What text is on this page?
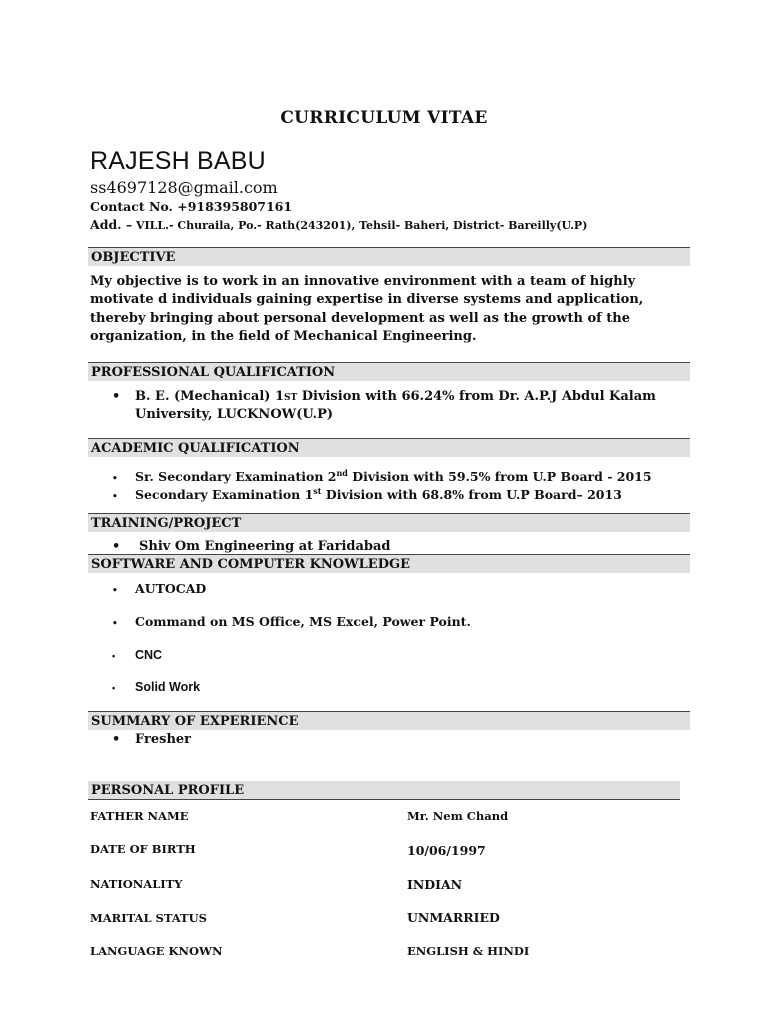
CURRICULUM VITAE
RAJESH BABU
ss4697128@gmail.com
Contact No. +918395807161
Add. – VILL.- Churaila, Po.- Rath(243201), Tehsil- Baheri, District- Bareilly(U.P)
OBJECTIVE
My objective is to work in an innovative environment with a team of highly motivate d individuals gaining expertise in diverse systems and application, thereby bringing about personal development as well as the growth of the organization, in the field of Mechanical Engineering.
PROFESSIONAL QUALIFICATION
• B. E. (Mechanical) 1ST Division with 66.24% from Dr. A.P.J Abdul Kalam
University, LUCKNOW(U.P)
ACADEMIC QUALIFICATION
• Sr. Secondary Examination 2nd Division with 59.5% from U.P Board - 2015
• Secondary Examination 1st Division with 68.8% from U.P Board– 2013
TRAINING/PROJECT
• Shiv Om Engineering at Faridabad
SOFTWARE AND COMPUTER KNOWLEDGE
• AUTOCAD
• Command on MS Office, MS Excel, Power Point.
• CNC
• Solid Work
SUMMARY OF EXPERIENCE
• Fresher
PERSONAL PROFILE
FATHER NAME	Mr. Nem Chand
DATE OF BIRTH	10/06/1997
NATIONALITY	INDIAN
MARITAL STATUS	UNMARRIED
LANGUAGE KNOWN	ENGLISH & HINDI
